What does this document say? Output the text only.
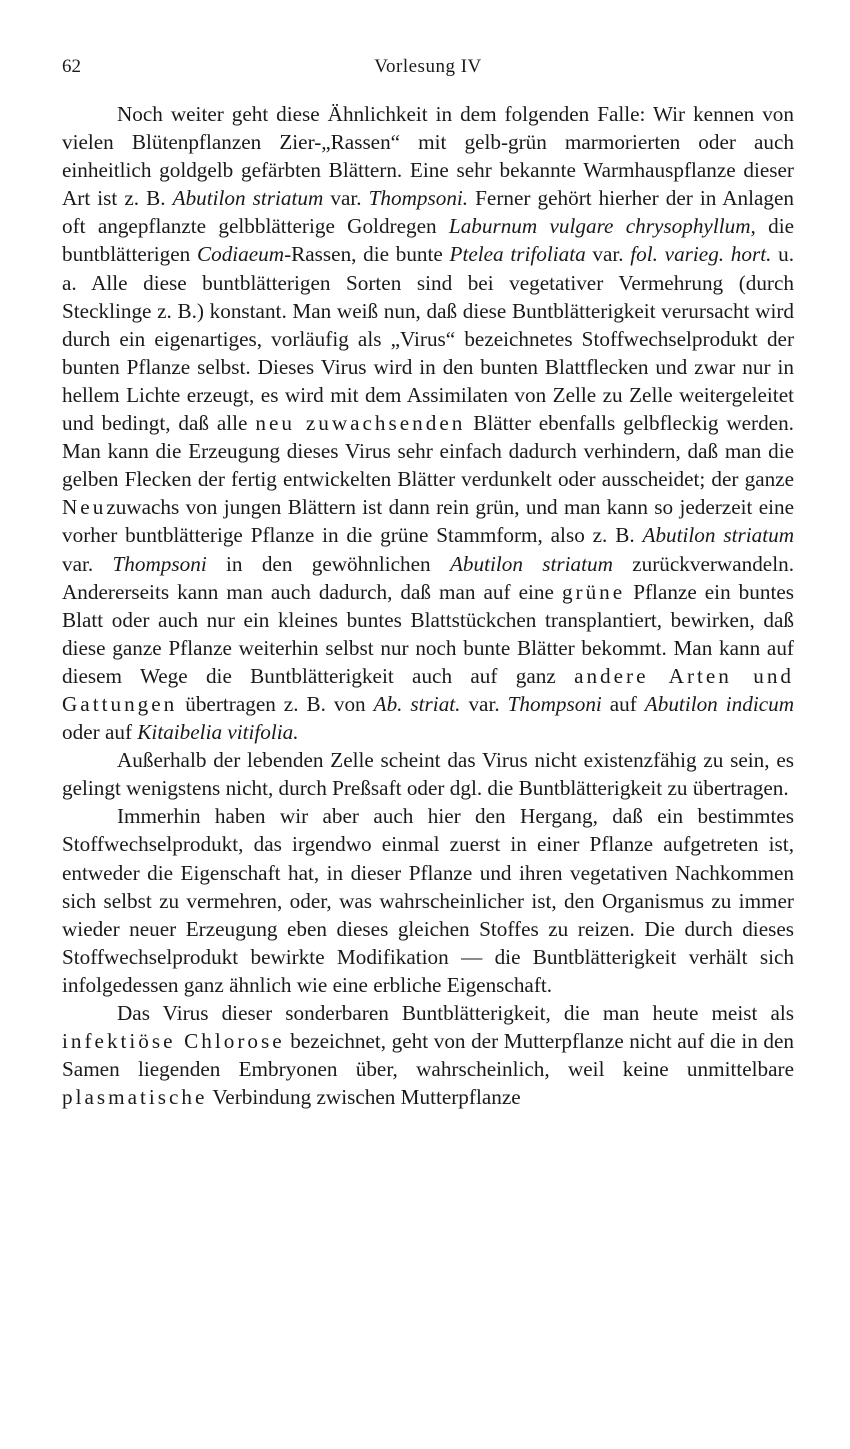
62	Vorlesung IV

Noch weiter geht diese Ähnlichkeit in dem folgenden Falle: Wir kennen von vielen Blütenpflanzen Zier-„Rassen“ mit gelb-grün marmorierten oder auch einheitlich goldgelb gefärbten Blättern. Eine sehr bekannte Warmhauspflanze dieser Art ist z. B. Abutilon striatum var. Thompsoni. Ferner gehört hierher der in Anlagen oft angepflanzte gelbblätterige Goldregen Laburnum vulgare chrysophyllum, die buntblätterigen Codiaeum-Rassen, die bunte Ptelea trifoliata var. fol. varieg. hort. u. a. Alle diese buntblätterigen Sorten sind bei vegetativer Vermehrung (durch Stecklinge z. B.) konstant. Man weiß nun, daß diese Buntblätterigkeit verursacht wird durch ein eigenartiges, vorläufig als „Virus“ bezeichnetes Stoffwechselprodukt der bunten Pflanze selbst. Dieses Virus wird in den bunten Blattflecken und zwar nur in hellem Lichte erzeugt, es wird mit dem Assimilaten von Zelle zu Zelle weitergeleitet und bedingt, daß alle neu zuwachsenden Blätter ebenfalls gelbfleckig werden. Man kann die Erzeugung dieses Virus sehr einfach dadurch verhindern, daß man die gelben Flecken der fertig entwickelten Blätter verdunkelt oder ausscheidet; der ganze Neuzuwachs von jungen Blättern ist dann rein grün, und man kann so jederzeit eine vorher buntblätterige Pflanze in die grüne Stammform, also z. B. Abutilon striatum var. Thompsoni in den gewöhnlichen Abutilon striatum zurückverwandeln. Andererseits kann man auch dadurch, daß man auf eine grüne Pflanze ein buntes Blatt oder auch nur ein kleines buntes Blattstückchen transplantiert, bewirken, daß diese ganze Pflanze weiterhin selbst nur noch bunte Blätter bekommt. Man kann auf diesem Wege die Buntblätterigkeit auch auf ganz andere Arten und Gattungen übertragen z. B. von Ab. striat. var. Thompsoni auf Abutilon indicum oder auf Kitaibelia vitifolia.

Außerhalb der lebenden Zelle scheint das Virus nicht existenzfähig zu sein, es gelingt wenigstens nicht, durch Preßsaft oder dgl. die Buntblätterigkeit zu übertragen.

Immerhin haben wir aber auch hier den Hergang, daß ein bestimmtes Stoffwechselprodukt, das irgendwo einmal zuerst in einer Pflanze aufgetreten ist, entweder die Eigenschaft hat, in dieser Pflanze und ihren vegetativen Nachkommen sich selbst zu vermehren, oder, was wahrscheinlicher ist, den Organismus zu immer wieder neuer Erzeugung eben dieses gleichen Stoffes zu reizen. Die durch dieses Stoffwechselprodukt bewirkte Modifikation — die Buntblätterigkeit verhält sich infolgedessen ganz ähnlich wie eine erbliche Eigenschaft.

Das Virus dieser sonderbaren Buntblätterigkeit, die man heute meist als infektiöse Chlorose bezeichnet, geht von der Mutterpflanze nicht auf die in den Samen liegenden Embryonen über, wahrscheinlich, weil keine unmittelbare plasmatische Verbindung zwischen Mutterpflanze
